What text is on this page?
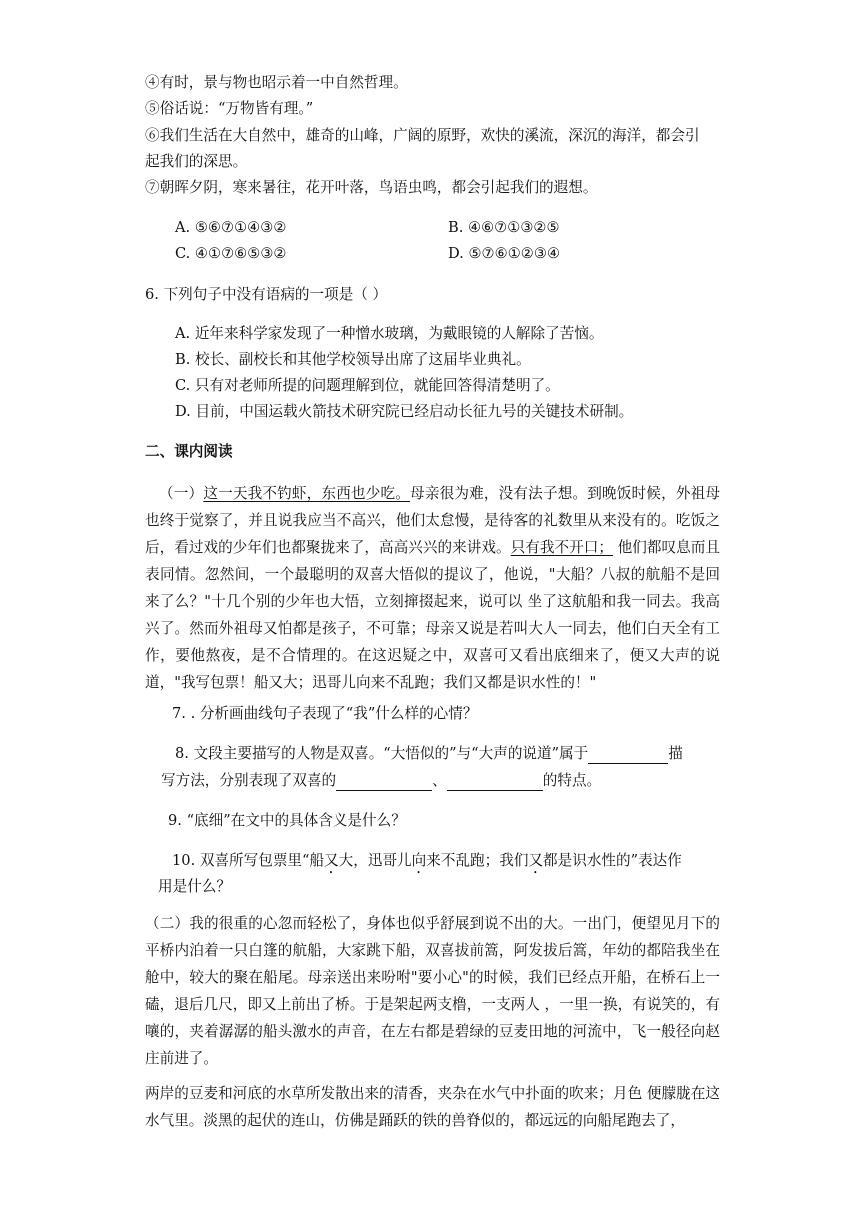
④有时，景与物也昭示着一中自然哲理。
⑤俗话说：“万物皆有理。”
⑥我们生活在大自然中，雄奇的山峰，广阔的原野，欢快的溪流，深沉的海洋，都会引
起我们的深思。
⑦朝晖夕阴，寒来暑往，花开叶落，鸟语虫鸣，都会引起我们的遐想。
A. ⑤⑥⑦①④③②	B. ④⑥⑦①③②⑤
C. ④①⑦⑥⑤③②	D. ⑤⑦⑥①②③④
6. 下列句子中没有语病的一项是（ ）
A. 近年来科学家发现了一种憎水玻璃，为戴眼镜的人解除了苦恼。
B. 校长、副校长和其他学校领导出席了这届毕业典礼。
C. 只有对老师所提的问题理解到位，就能回答得清楚明了。
D. 目前，中国运载火箭技术研究院已经启动长征九号的关键技术研制。
二、课内阅读
（一）这一天我不钓虾，东西也少吃。母亲很为难，没有法子想。到晚饭时候，外祖母也终于觉察了，并且说我应当不高兴，他们太怠慢，是待客的礼数里从来没有的。吃饭之后，看过戏的少年们也都聚拢来了，高高兴兴的来讲戏。只有我不开口； 他们都叹息而且表同情。忽然间，一个最聪明的双喜大悟似的提议了，他说，"大船？八叔的航船不是回来了么？"十几个别的少年也大悟，立刻撺掇起来，说可以 坐了这航船和我一同去。我高兴了。然而外祖母又怕都是孩子，不可靠；母亲又说是若叫大人一同去，他们白天全有工作，要他熬夜，是不合情理的。在这迟疑之中，双喜可又看出底细来了，便又大声的说道，"我写包票！船又大；迅哥儿向来不乱跑；我们又都是识水性的！"
7. . 分析画曲线句子表现了“我”什么样的心情？
8. 文段主要描写的人物是双喜。“大悟似的”与“大声的说道”属于	描
写方法，分别表现了双喜的	、	的特点。
9. “底细”在文中的具体含义是什么？
10. 双喜所写包票里“船又大，迅哥儿向来不乱跑；我们又都是识水性的”表达作
用是什么？
（二）我的很重的心忽而轻松了，身体也似乎舒展到说不出的大。一出门，便望见月下的平桥内泊着一只白篷的航船，大家跳下船，双喜拔前篙，阿发拔后篙，年幼的都陪我坐在舱中，较大的聚在船尾。母亲送出来吩咐"要小心"的时候，我们已经点开船，在桥石上一磕，退后几尺，即又上前出了桥。于是架起两支橹，一支两人 ，一里一换，有说笑的，有嚷的，夹着潺潺的船头激水的声音，在左右都是碧绿的豆麦田地的河流中，飞一般径向赵庄前进了。
两岸的豆麦和河底的水草所发散出来的清香，夹杂在水气中扑面的吹来；月色 便朦胧在这水气里。淡黑的起伏的连山，仿佛是踊跃的铁的兽脊似的，都远远的向船尾跑去了，
